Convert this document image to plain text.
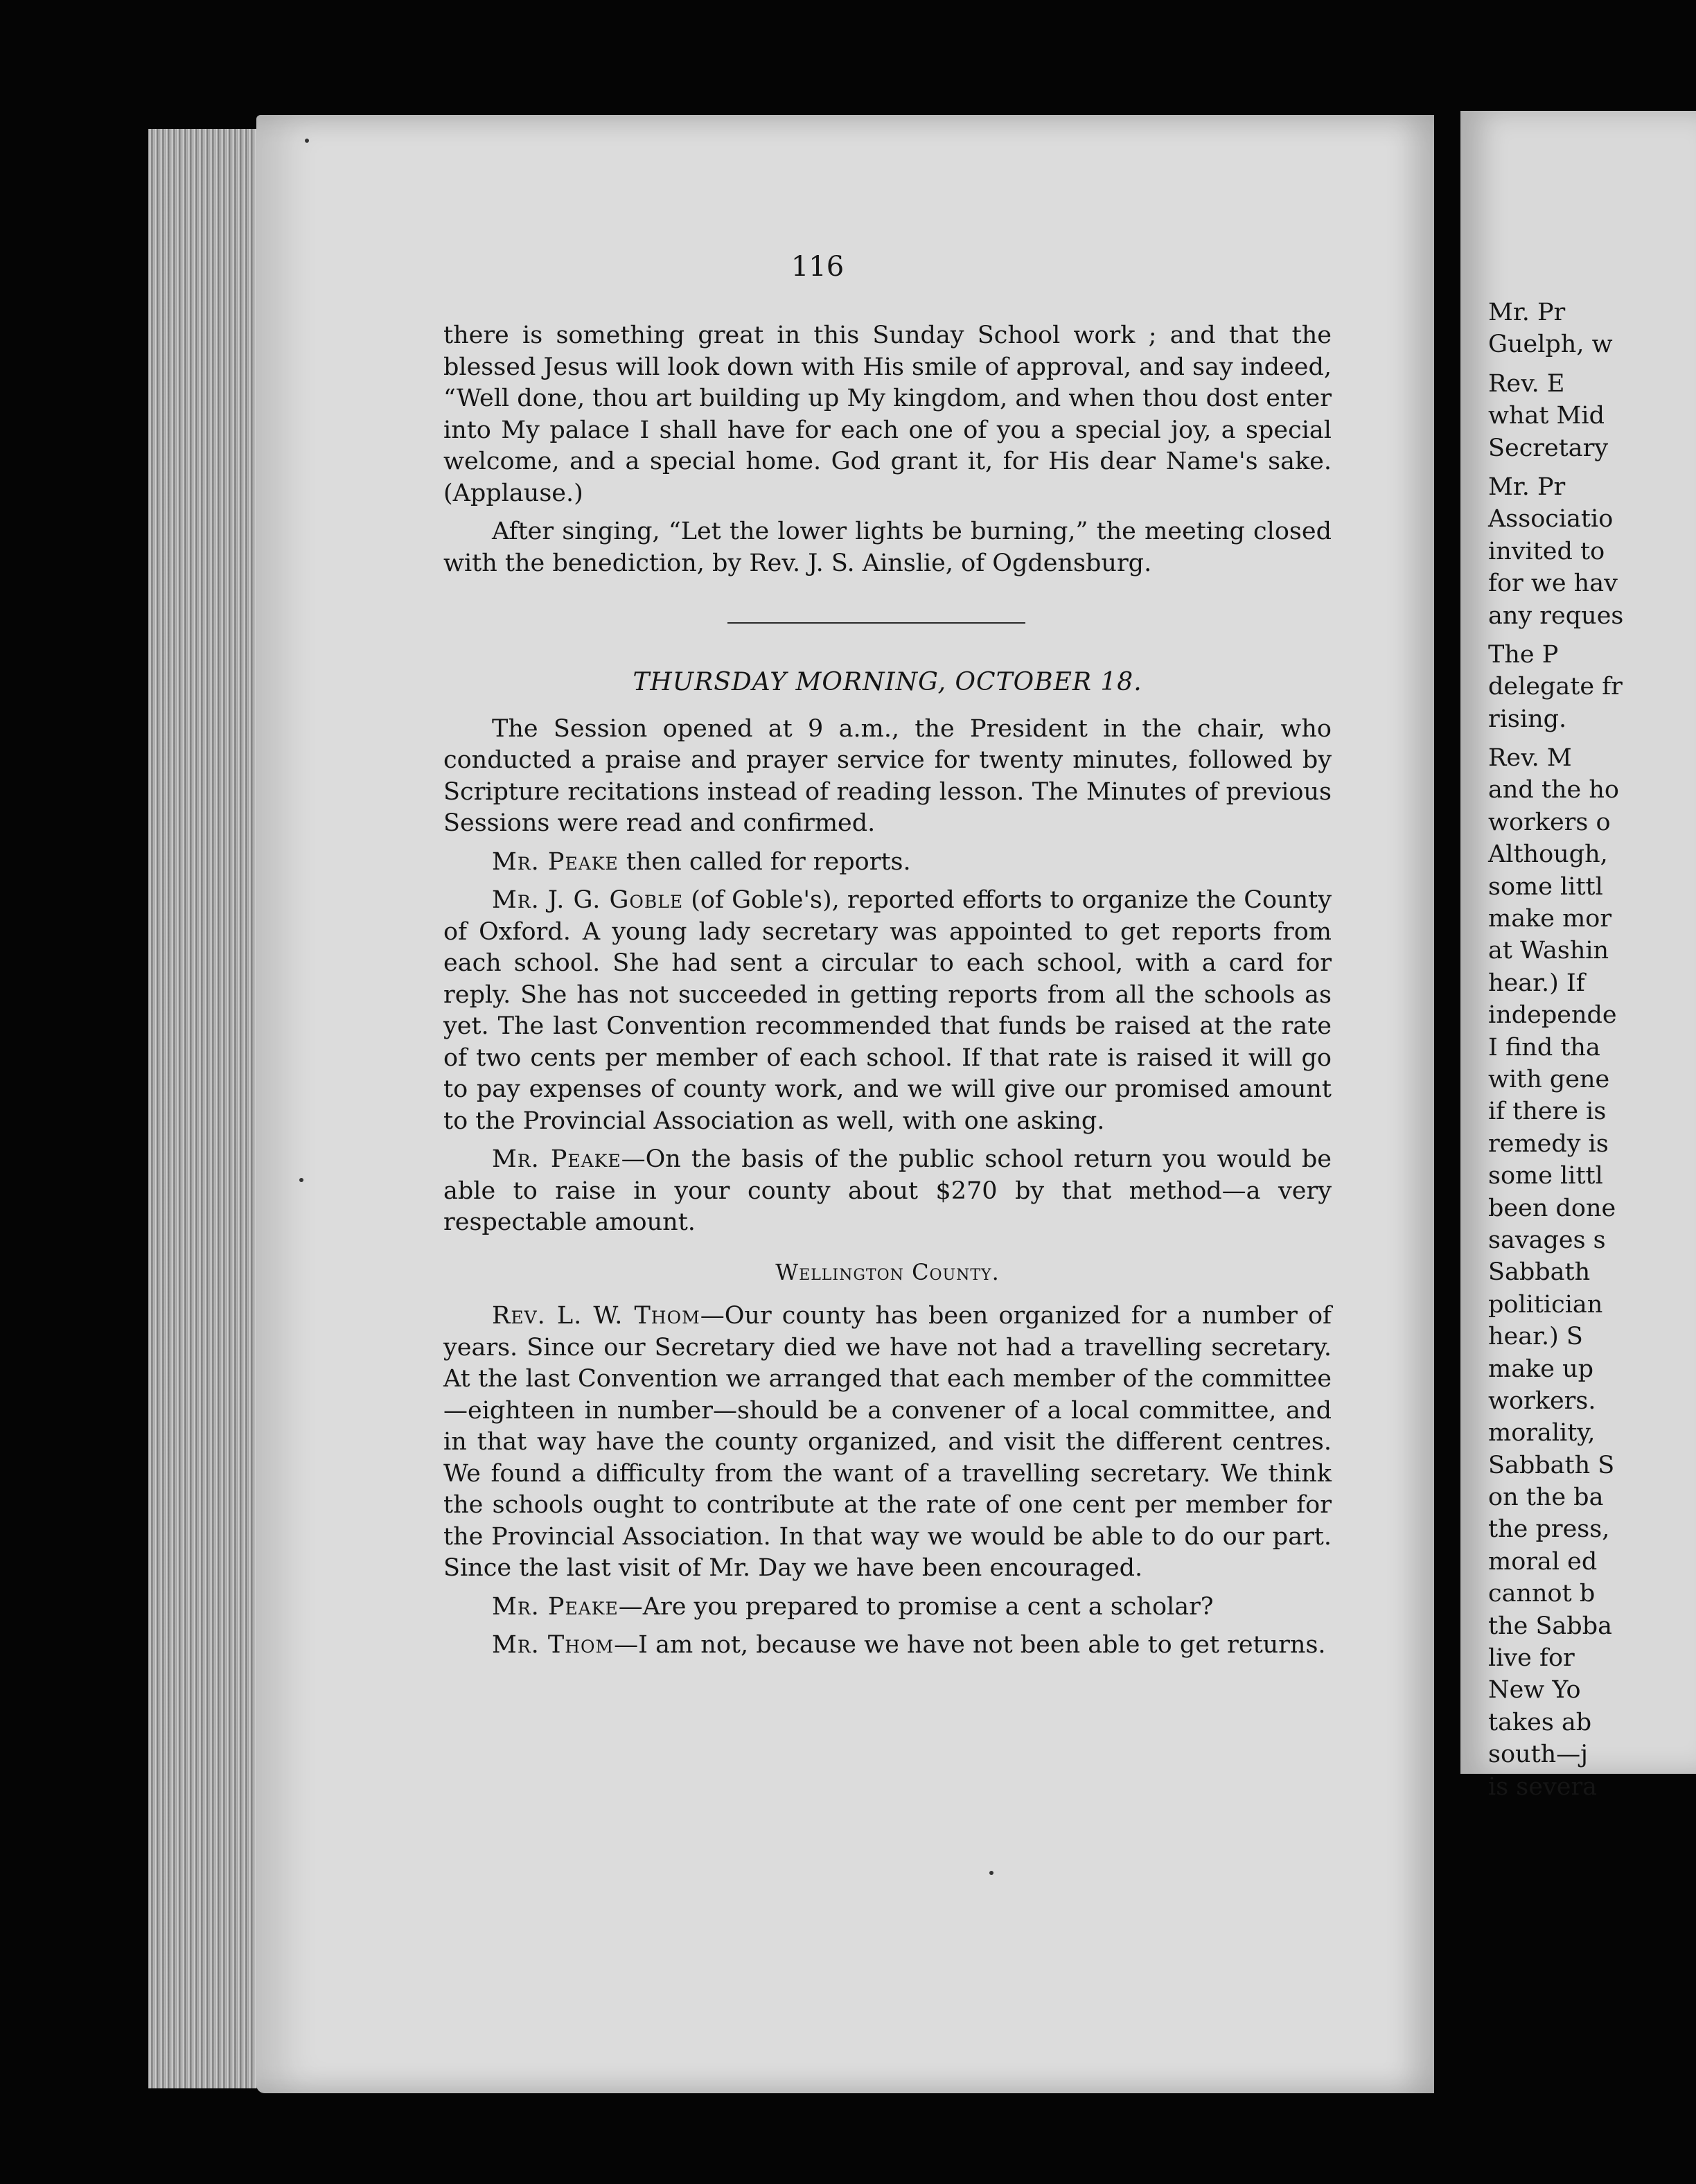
116

there is something great in this Sunday School work ; and that the blessed Jesus will look down with His smile of approval, and say indeed, “Well done, thou art building up My kingdom, and when thou dost enter into My palace I shall have for each one of you a special joy, a special welcome, and a special home. God grant it, for His dear Name's sake. (Applause.)

After singing, “Let the lower lights be burning,” the meeting closed with the benediction, by Rev. J. S. Ainslie, of Ogdensburg.

THURSDAY MORNING, OCTOBER 18.

The Session opened at 9 a.m., the President in the chair, who conducted a praise and prayer service for twenty minutes, followed by Scripture recitations instead of reading lesson. The Minutes of previous Sessions were read and confirmed.

Mr. Peake then called for reports.

Mr. J. G. Goble (of Goble's), reported efforts to organize the County of Oxford. A young lady secretary was appointed to get reports from each school. She had sent a circular to each school, with a card for reply. She has not succeeded in getting reports from all the schools as yet. The last Convention recommended that funds be raised at the rate of two cents per member of each school. If that rate is raised it will go to pay expenses of county work, and we will give our promised amount to the Provincial Association as well, with one asking.

Mr. Peake—On the basis of the public school return you would be able to raise in your county about $270 by that method—a very respectable amount.

Wellington County.

Rev. L. W. Thom—Our county has been organized for a number of years. Since our Secretary died we have not had a travelling secretary. At the last Convention we arranged that each member of the committee—eighteen in number—should be a convener of a local committee, and in that way have the county organized, and visit the different centres. We found a difficulty from the want of a travelling secretary. We think the schools ought to contribute at the rate of one cent per member for the Provincial Association. In that way we would be able to do our part. Since the last visit of Mr. Day we have been encouraged.

Mr. Peake—Are you prepared to promise a cent a scholar?

Mr. Thom—I am not, because we have not been able to get returns.

Mr. Pr
Guelph, w
Rev. E
what Mid
Secretary
Mr. Pr
Associatio
invited to
for we hav
any reques
The P
delegate fr
rising.
Rev. M
and the ho
workers o
Although,
some littl
make mor
at Washin
hear.) If
independe
I find tha
with gene
if there is
remedy is
some littl
been done
savages s
Sabbath
politician
hear.) S
make up
workers.
morality,
Sabbath S
on the ba
the press,
moral ed
cannot b
the Sabba
live for
New Yo
takes ab
south—j
is severa
